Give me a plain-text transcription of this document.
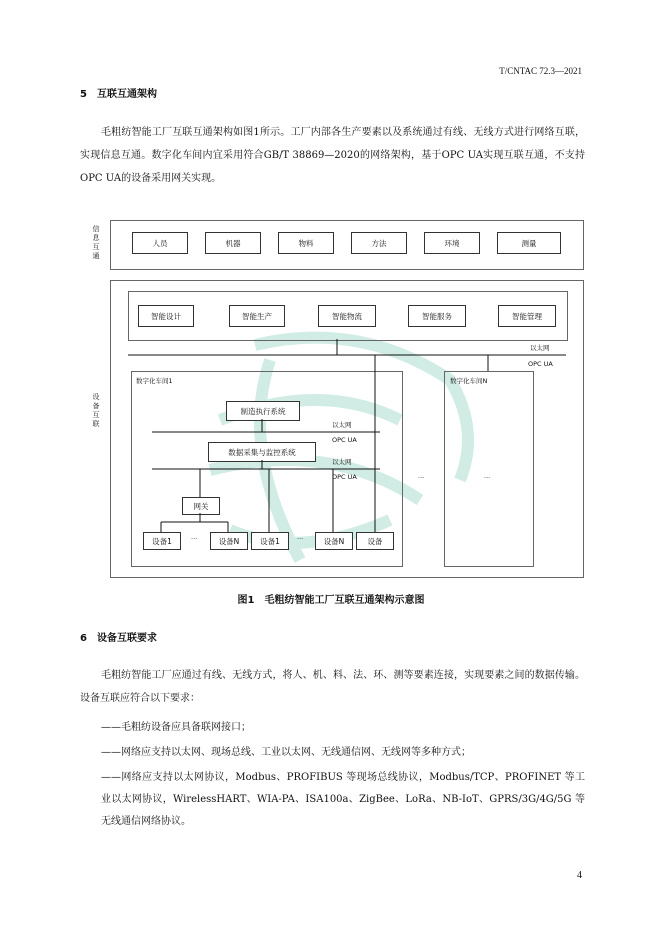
T/CNTAC 72.3—2021
5　互联互通架构
毛粗纺智能工厂互联互通架构如图1所示。工厂内部各生产要素以及系统通过有线、无线方式进行网络互联，实现信息互通。数字化车间内宜采用符合GB/T 38869—2020的网络架构，基于OPC UA实现互联互通，不支持OPC UA的设备采用网关实现。
信息互通
人员	机器	物料	方法	环境	测量
设备互联
智能设计	智能生产	智能物流	智能服务	智能管理
以太网
OPC UA
数字化车间1	数字化车间N
制造执行系统
以太网
OPC UA
数据采集与监控系统
以太网
OPC UA	...	...
网关
设备1	···	设备N	设备1	···	设备N	设备
图1　毛粗纺智能工厂互联互通架构示意图
6　设备互联要求
毛粗纺智能工厂应通过有线、无线方式，将人、机、料、法、环、测等要素连接，实现要素之间的数据传输。设备互联应符合以下要求：
——毛粗纺设备应具备联网接口；
——网络应支持以太网、现场总线、工业以太网、无线通信网、无线网等多种方式；
——网络应支持以太网协议，Modbus、PROFIBUS 等现场总线协议，Modbus/TCP、PROFINET 等工业以太网协议，WirelessHART、WIA-PA、ISA100a、ZigBee、LoRa、NB-IoT、GPRS/3G/4G/5G 等无线通信网络协议。
4
